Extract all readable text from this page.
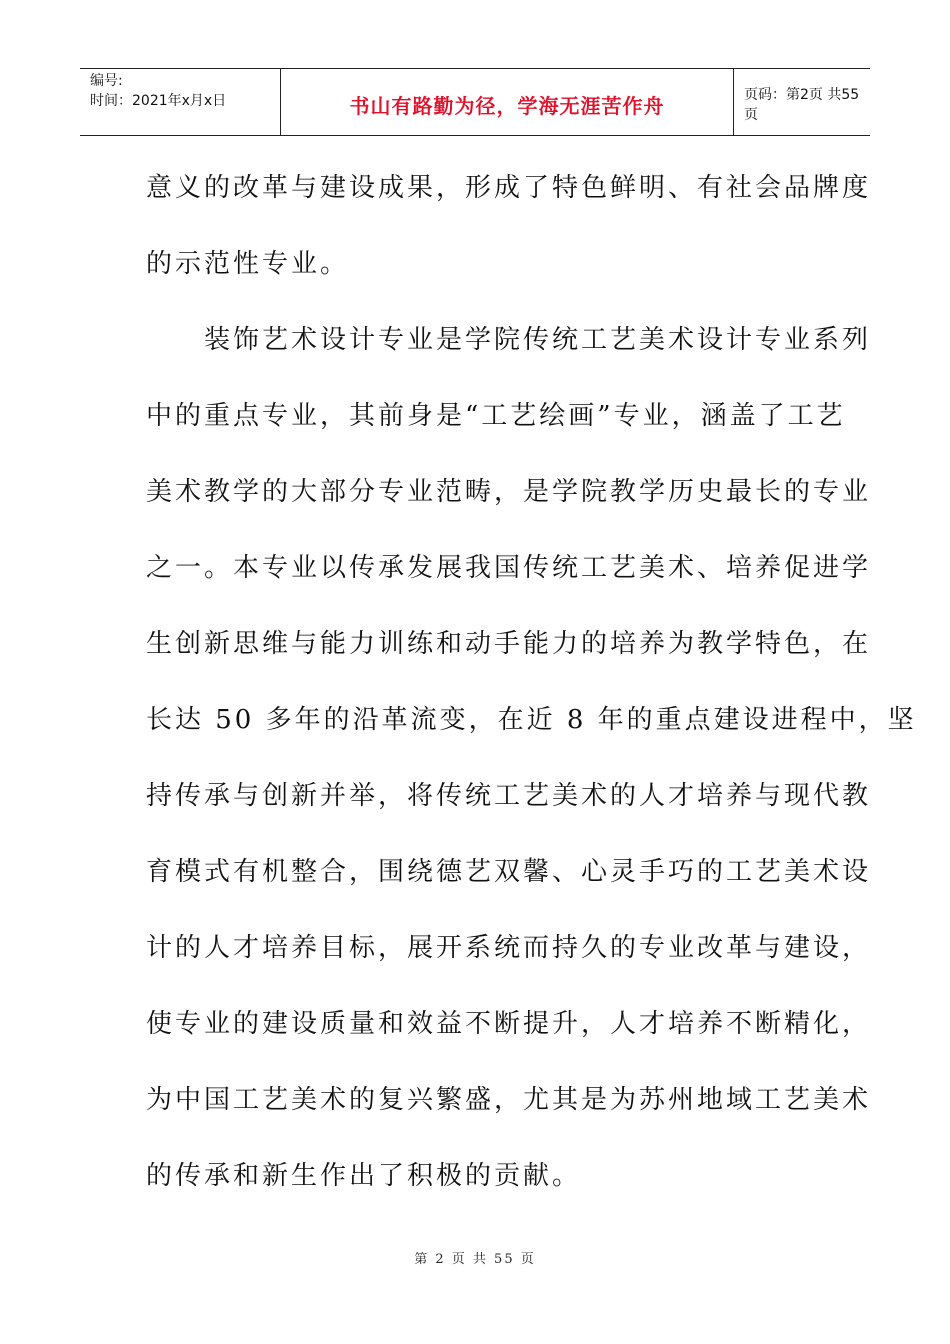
编号:
时间：2021年x月x日	书山有路勤为径，学海无涯苦作舟	页码：第2页 共55页

意义的改革与建设成果，形成了特色鲜明、有社会品牌度
的示范性专业。

　　装饰艺术设计专业是学院传统工艺美术设计专业系列
中的重点专业，其前身是“工艺绘画”专业，涵盖了工艺
美术教学的大部分专业范畴，是学院教学历史最长的专业
之一。本专业以传承发展我国传统工艺美术、培养促进学
生创新思维与能力训练和动手能力的培养为教学特色，在
长达 50 多年的沿革流变，在近 8 年的重点建设进程中，坚
持传承与创新并举，将传统工艺美术的人才培养与现代教
育模式有机整合，围绕德艺双馨、心灵手巧的工艺美术设
计的人才培养目标，展开系统而持久的专业改革与建设，
使专业的建设质量和效益不断提升，人才培养不断精化，
为中国工艺美术的复兴繁盛，尤其是为苏州地域工艺美术
的传承和新生作出了积极的贡献。

第 2 页 共 55 页
